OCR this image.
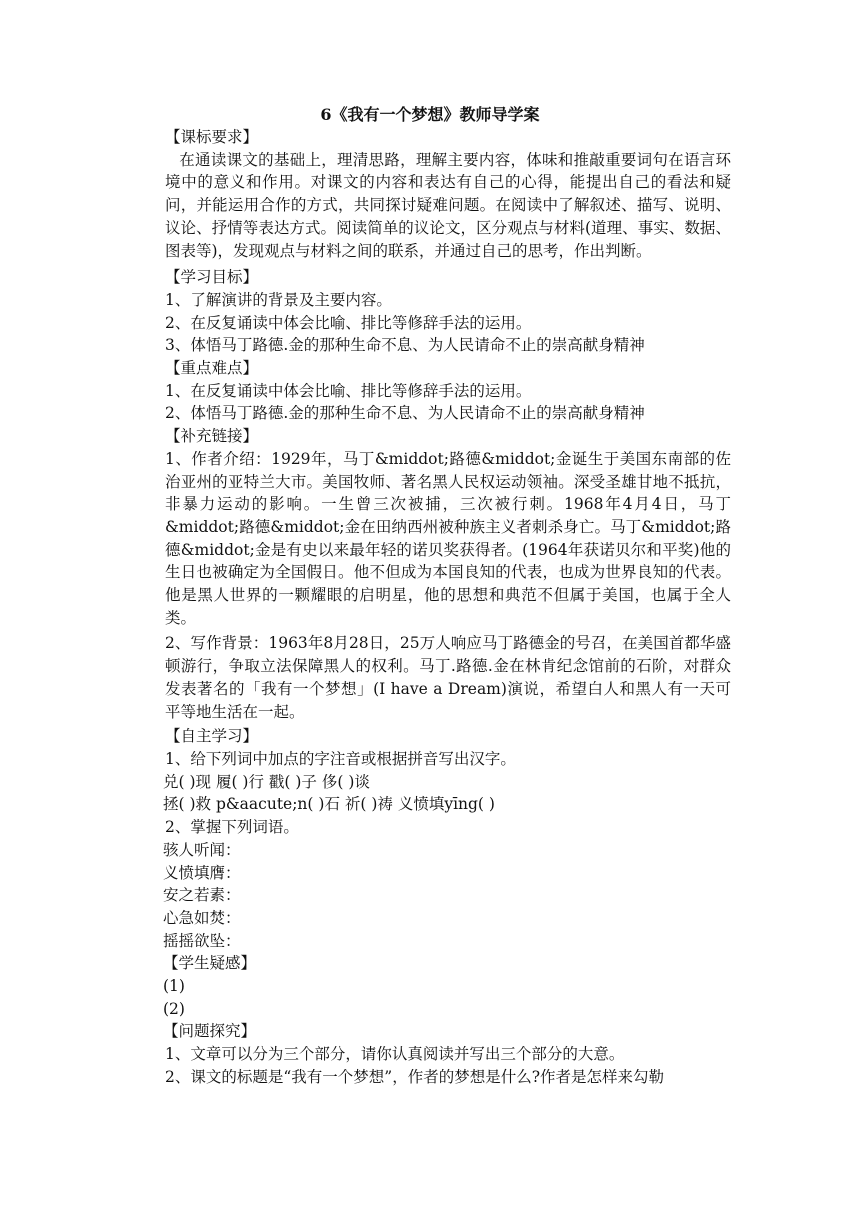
6《我有一个梦想》教师导学案
【课标要求】

在通读课文的基础上，理清思路，理解主要内容，体味和推敲重要词句在语言环境中的意义和作用。对课文的内容和表达有自己的心得，能提出自己的看法和疑问，并能运用合作的方式，共同探讨疑难问题。在阅读中了解叙述、描写、说明、议论、抒情等表达方式。阅读简单的议论文，区分观点与材料(道理、事实、数据、图表等)，发现观点与材料之间的联系，并通过自己的思考，作出判断。

【学习目标】
1、了解演讲的背景及主要内容。
2、在反复诵读中体会比喻、排比等修辞手法的运用。
3、体悟马丁路德.金的那种生命不息、为人民请命不止的崇高献身精神
【重点难点】
1、在反复诵读中体会比喻、排比等修辞手法的运用。
2、体悟马丁路德.金的那种生命不息、为人民请命不止的崇高献身精神
【补充链接】

1、作者介绍：1929年，马丁&middot;路德&middot;金诞生于美国东南部的佐治亚州的亚特兰大市。美国牧师、著名黑人民权运动领袖。深受圣雄甘地不抵抗，非暴力运动的影响。一生曾三次被捕，三次被行刺。1968年4月4日，马丁&middot;路德&middot;金在田纳西州被种族主义者刺杀身亡。马丁&middot;路德&middot;金是有史以来最年轻的诺贝奖获得者。(1964年获诺贝尔和平奖)他的生日也被确定为全国假日。他不但成为本国良知的代表，也成为世界良知的代表。他是黑人世界的一颗耀眼的启明星，他的思想和典范不但属于美国，也属于全人类。

2、写作背景：1963年8月28日，25万人响应马丁路德金的号召，在美国首都华盛顿游行，争取立法保障黑人的权利。马丁.路德.金在林肯纪念馆前的石阶，对群众发表著名的「我有一个梦想」(I have a Dream)演说，希望白人和黑人有一天可平等地生活在一起。

【自主学习】
1、给下列词中加点的字注音或根据拼音写出汉字。
兑( )现 履( )行 戳( )子 侈( )谈
拯( )救 p&aacute;n( )石 祈( )祷 义愤填yīng( )
2、掌握下列词语。
骇人听闻：
义愤填膺：
安之若素：
心急如焚：
摇摇欲坠：
【学生疑感】
(1)
(2)
【问题探究】
1、文章可以分为三个部分，请你认真阅读并写出三个部分的大意。
2、课文的标题是“我有一个梦想”，作者的梦想是什么?作者是怎样来勾勒
